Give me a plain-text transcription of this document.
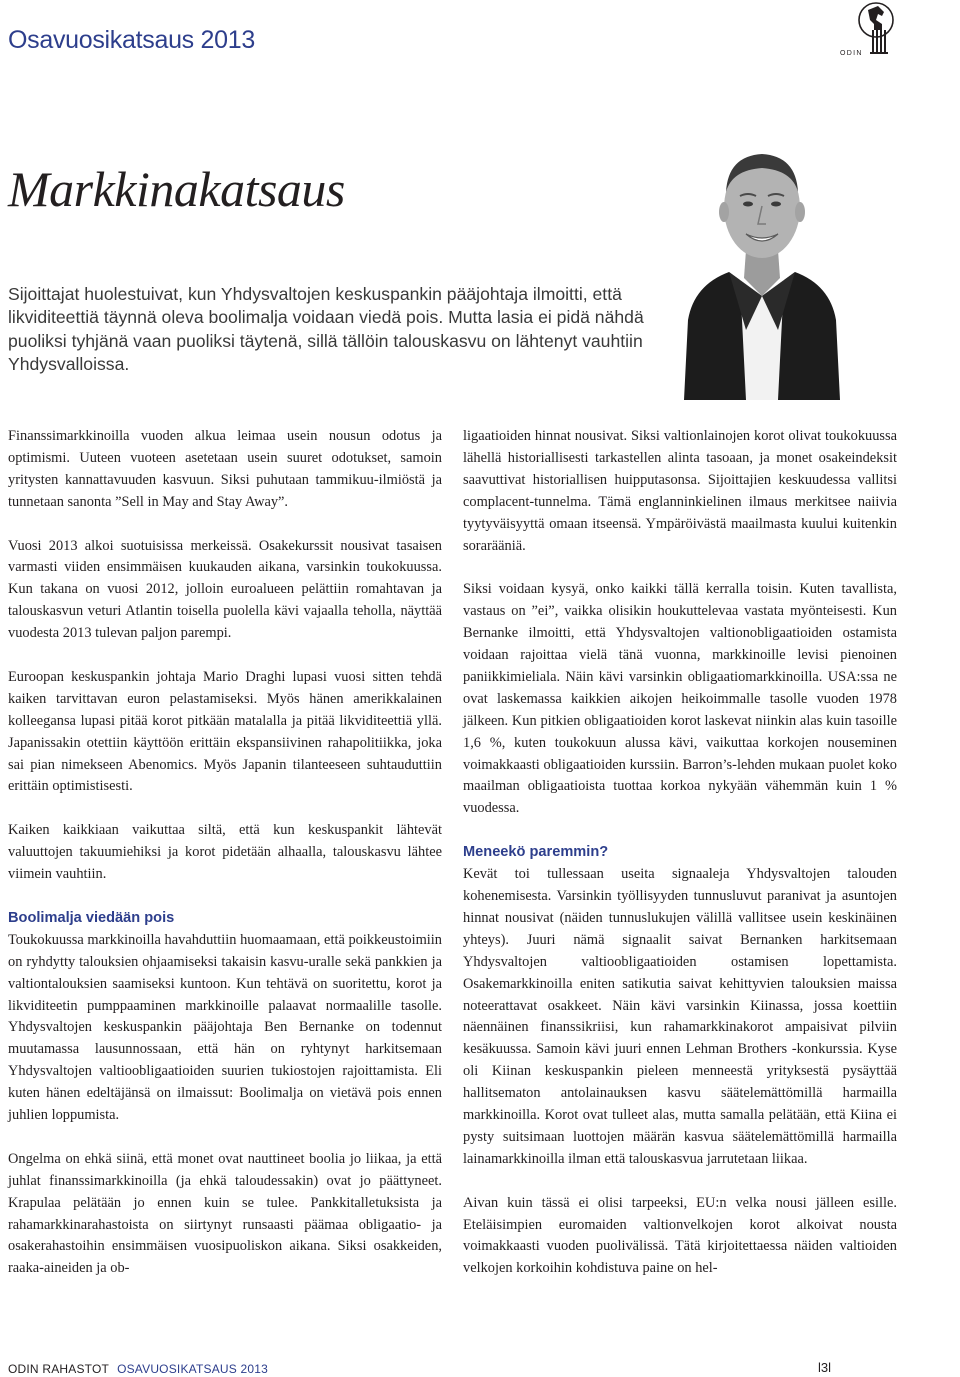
Osavuosikatsaus 2013	ODIN
Markkinakatsaus

Sijoittajat huolestuivat, kun Yhdysvaltojen keskuspankin pääjohtaja ilmoitti, että likviditeettiä täynnä oleva boolimalja voidaan viedä pois. Mutta lasia ei pidä nähdä puoliksi tyhjänä vaan puoliksi täytenä, sillä tällöin talouskasvu on lähtenyt vauhtiin Yhdysvalloissa.

Finanssimarkkinoilla vuoden alkua leimaa usein nousun odotus ja optimismi. Uuteen vuoteen asetetaan usein suuret odotukset, samoin yritysten kannattavuuden kasvuun. Siksi puhutaan tammikuu-ilmiöstä ja tunnetaan sanonta ”Sell in May and Stay Away”.

Vuosi 2013 alkoi suotuisissa merkeissä. Osakekurssit nousivat tasaisen varmasti viiden ensimmäisen kuukauden aikana, varsinkin toukokuussa. Kun takana on vuosi 2012, jolloin euroalueen pelättiin romahtavan ja talouskasvun veturi Atlantin toisella puolella kävi vajaalla teholla, näyttää vuodesta 2013 tulevan paljon parempi.

Euroopan keskuspankin johtaja Mario Draghi lupasi vuosi sitten tehdä kaiken tarvittavan euron pelastamiseksi. Myös hänen amerikkalainen kolleegansa lupasi pitää korot pitkään matalalla ja pitää likviditeettiä yllä. Japanissakin otettiin käyttöön erittäin ekspansiivinen rahapolitiikka, joka sai pian nimekseen Abenomics. Myös Japanin tilanteeseen suhtauduttiin erittäin optimistisesti.

Kaiken kaikkiaan vaikuttaa siltä, että kun keskuspankit lähtevät valuuttojen takuumiehiksi ja korot pidetään alhaalla, talouskasvu lähtee viimein vauhtiin.

Boolimalja viedään pois

Toukokuussa markkinoilla havahduttiin huomaamaan, että poikkeustoimiin on ryhdytty talouksien ohjaamiseksi takaisin kasvu-uralle sekä pankkien ja valtiontalouksien saamiseksi kuntoon. Kun tehtävä on suoritettu, korot ja likviditeetin pumppaaminen markkinoille palaavat normaalille tasolle. Yhdysvaltojen keskuspankin pääjohtaja Ben Bernanke on todennut muutamassa lausunnossaan, että hän on ryhtynyt harkitsemaan Yhdysvaltojen valtioobligaatioiden suurien tukiostojen rajoittamista. Eli kuten hänen edeltäjänsä on ilmaissut: Boolimalja on vietävä pois ennen juhlien loppumista.

Ongelma on ehkä siinä, että monet ovat nauttineet boolia jo liikaa, ja että juhlat finanssimarkkinoilla (ja ehkä taloudessakin) ovat jo päättyneet. Krapulaa pelätään jo ennen kuin se tulee. Pankkitalletuksista ja rahamarkkinarahastoista on siirtynyt runsaasti päämaa obligaatio- ja osakerahastoihin ensimmäisen vuosipuoliskon aikana. Siksi osakkeiden, raaka-aineiden ja ob-

ligaatioiden hinnat nousivat. Siksi valtionlainojen korot olivat toukokuussa lähellä historiallisesti tarkastellen alinta tasoaan, ja monet osakeindeksit saavuttivat historiallisen huipputasonsa. Sijoittajien keskuudessa vallitsi complacent-tunnelma. Tämä englanninkielinen ilmaus merkitsee naiivia tyytyväisyyttä omaan itseensä. Ympäröivästä maailmasta kuului kuitenkin sorarääniä.

Siksi voidaan kysyä, onko kaikki tällä kerralla toisin. Kuten tavallista, vastaus on ”ei”, vaikka olisikin houkuttelevaa vastata myönteisesti. Kun Bernanke ilmoitti, että Yhdysvaltojen valtionobligaatioiden ostamista voidaan rajoittaa vielä tänä vuonna, markkinoille levisi pienoinen paniikkimieliala. Näin kävi varsinkin obligaatiomarkkinoilla. USA:ssa ne ovat laskemassa kaikkien aikojen heikoimmalle tasolle vuoden 1978 jälkeen. Kun pitkien obligaatioiden korot laskevat niinkin alas kuin tasoille 1,6 %, kuten toukokuun alussa kävi, vaikuttaa korkojen nouseminen voimakkaasti obligaatioiden kurssiin. Barron’s-lehden mukaan puolet koko maailman obligaatioista tuottaa korkoa nykyään vähemmän kuin 1 % vuodessa.

Meneekö paremmin?

Kevät toi tullessaan useita signaaleja Yhdysvaltojen talouden kohenemisesta. Varsinkin työllisyyden tunnusluvut paranivat ja asuntojen hinnat nousivat (näiden tunnuslukujen välillä vallitsee usein keskinäinen yhteys). Juuri nämä signaalit saivat Bernanken harkitsemaan Yhdysvaltojen valtioobligaatioiden ostamisen lopettamista. Osakemarkkinoilla eniten satikutia saivat kehittyvien talouksien maissa noteerattavat osakkeet. Näin kävi varsinkin Kiinassa, jossa koettiin näennäinen finanssikriisi, kun rahamarkkinakorot ampaisivat pilviin kesäkuussa. Samoin kävi juuri ennen Lehman Brothers -konkurssia. Kyse oli Kiinan keskuspankin pieleen menneestä yrityksestä pysäyttää hallitsematon antolainauksen kasvu säätelemättömillä harmailla markkinoilla. Korot ovat tulleet alas, mutta samalla pelätään, että Kiina ei pysty suitsimaan luottojen määrän kasvua säätelemättömillä harmailla lainamarkkinoilla ilman että talouskasvua jarrutetaan liikaa.

Aivan kuin tässä ei olisi tarpeeksi, EU:n velka nousi jälleen esille. Eteläisimpien euromaiden valtionvelkojen korot alkoivat nousta voimakkaasti vuoden puolivälissä. Tätä kirjoitettaessa näiden valtioiden velkojen korkoihin kohdistuva paine on hel-

ODIN RAHASTOT OSAVUOSIKATSAUS 2013	l3l
